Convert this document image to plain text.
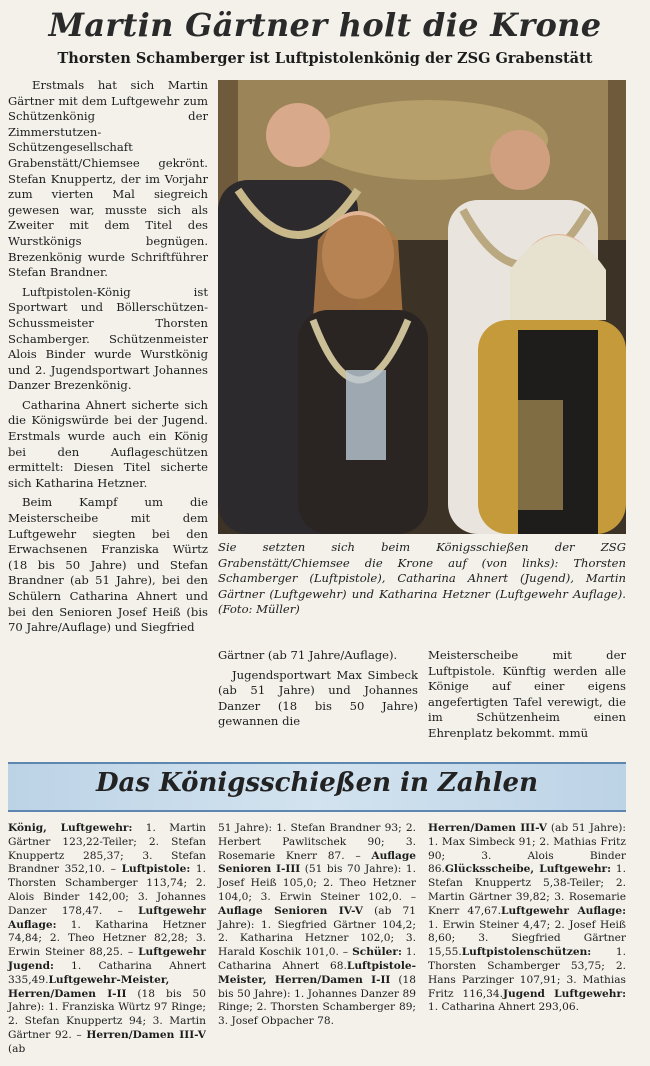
Martin Gärtner holt die Krone
Thorsten Schamberger ist Luftpistolenkönig der ZSG Grabenstätt

Erstmals hat sich Martin Gärtner mit dem Luftgewehr zum Schützenkönig der Zimmerstutzen-Schützengesellschaft Grabenstätt/Chiemsee gekrönt. Stefan Knuppertz, der im Vorjahr zum vierten Mal siegreich gewesen war, musste sich als Zweiter mit dem Titel des Wurstkönigs begnügen. Brezenkönig wurde Schriftführer Stefan Brandner.

Luftpistolen-König ist Sportwart und Böllerschützen-Schussmeister Thorsten Schamberger. Schützenmeister Alois Binder wurde Wurstkönig und 2. Jugendsportwart Johannes Danzer Brezenkönig.

Catharina Ahnert sicherte sich die Königswürde bei der Jugend. Erstmals wurde auch ein König bei den Auflageschützen ermittelt: Diesen Titel sicherte sich Katharina Hetzner.

Beim Kampf um die Meisterscheibe mit dem Luftgewehr siegten bei den Erwachsenen Franziska Würtz (18 bis 50 Jahre) und Stefan Brandner (ab 51 Jahre), bei den Schülern Catharina Ahnert und bei den Senioren Josef Heiß (bis 70 Jahre/Auflage) und Siegfried

Sie setzten sich beim Königsschießen der ZSG Grabenstätt/Chiemsee die Krone auf (von links): Thorsten Schamberger (Luftpistole), Catharina Ahnert (Jugend), Martin Gärtner (Luftgewehr) und Katharina Hetzner (Luftgewehr Auflage). (Foto: Müller)

Gärtner (ab 71 Jahre/Auflage).

Jugendsportwart Max Simbeck (ab 51 Jahre) und Johannes Danzer (18 bis 50 Jahre) gewannen die

Meisterscheibe mit der Luftpistole. Künftig werden alle Könige auf einer eigens angefertigten Tafel verewigt, die im Schützenheim einen Ehrenplatz bekommt. mmü

Das Königsschießen in Zahlen

König, Luftgewehr: 1. Martin Gärtner 123,22-Teiler; 2. Stefan Knuppertz 285,37; 3. Stefan Brandner 352,10. – Luftpistole: 1. Thorsten Schamberger 113,74; 2. Alois Binder 142,00; 3. Johannes Danzer 178,47. – Luftgewehr Auflage: 1. Katharina Hetzner 74,84; 2. Theo Hetzner 82,28; 3. Erwin Steiner 88,25. – Luftgewehr Jugend: 1. Catharina Ahnert 335,49.Luftgewehr-Meister, Herren/Damen I-II (18 bis 50 Jahre): 1. Franziska Würtz 97 Ringe; 2. Stefan Knuppertz 94; 3. Martin Gärtner 92. – Herren/Damen III-V (ab

51 Jahre): 1. Stefan Brandner 93; 2. Herbert Pawlitschek 90; 3. Rosemarie Knerr 87. – Auflage Senioren I-III (51 bis 70 Jahre): 1. Josef Heiß 105,0; 2. Theo Hetzner 104,0; 3. Erwin Steiner 102,0. – Auflage Senioren IV-V (ab 71 Jahre): 1. Siegfried Gärtner 104,2; 2. Katharina Hetzner 102,0; 3. Harald Koschik 101,0. – Schüler: 1. Catharina Ahnert 68.Luftpistole-Meister, Herren/Damen I-II (18 bis 50 Jahre): 1. Johannes Danzer 89 Ringe; 2. Thorsten Schamberger 89; 3. Josef Obpacher 78.

Herren/Damen III-V (ab 51 Jahre): 1. Max Simbeck 91; 2. Mathias Fritz 90; 3. Alois Binder 86.Glücksscheibe, Luftgewehr: 1. Stefan Knuppertz 5,38-Teiler; 2. Martin Gärtner 39,82; 3. Rosemarie Knerr 47,67.Luftgewehr Auflage: 1. Erwin Steiner 4,47; 2. Josef Heiß 8,60; 3. Siegfried Gärtner 15,55.Luftpistolenschützen: 1. Thorsten Schamberger 53,75; 2. Hans Parzinger 107,91; 3. Mathias Fritz 116,34.Jugend Luftgewehr: 1. Catharina Ahnert 293,06.
